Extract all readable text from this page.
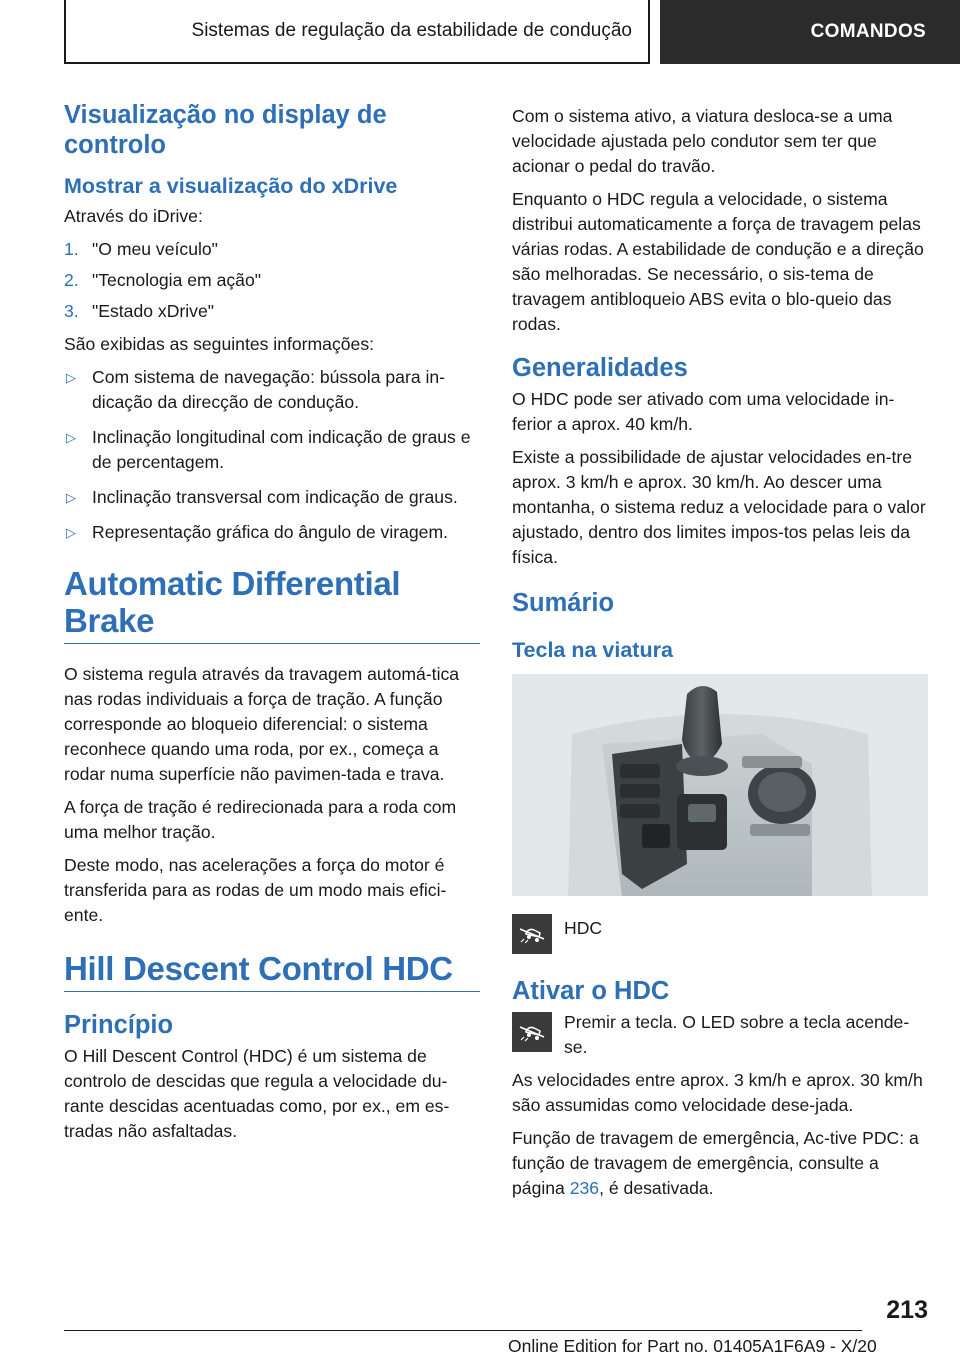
Sistemas de regulação da estabilidade de condução	COMANDOS
Visualização no display de controlo
Mostrar a visualização do xDrive

Através do iDrive:

1. "O meu veículo"
2. "Tecnologia em ação"
3. "Estado xDrive"

São exibidas as seguintes informações:

▷ Com sistema de navegação: bússola para in‐dicação da direcção de condução.
▷ Inclinação longitudinal com indicação de graus e de percentagem.
▷ Inclinação transversal com indicação de graus.
▷ Representação gráfica do ângulo de viragem.
Automatic Differential Brake

O sistema regula através da travagem automá‐tica nas rodas individuais a força de tração. A função corresponde ao bloqueio diferencial: o sistema reconhece quando uma roda, por ex., começa a rodar numa superfície não pavimen‐tada e trava.

A força de tração é redirecionada para a roda com uma melhor tração.

Deste modo, nas acelerações a força do motor é transferida para as rodas de um modo mais efici‐ente.

Hill Descent Control HDC
Princípio

O Hill Descent Control (HDC) é um sistema de controlo de descidas que regula a velocidade du‐rante descidas acentuadas como, por ex., em es‐tradas não asfaltadas.

Com o sistema ativo, a viatura desloca-se a uma velocidade ajustada pelo condutor sem ter que acionar o pedal do travão.

Enquanto o HDC regula a velocidade, o sistema distribui automaticamente a força de travagem pelas várias rodas. A estabilidade de condução e a direção são melhoradas. Se necessário, o sis‐tema de travagem antibloqueio ABS evita o blo‐queio das rodas.

Generalidades

O HDC pode ser ativado com uma velocidade in‐ferior a aprox. 40 km/h.

Existe a possibilidade de ajustar velocidades en‐tre aprox. 3 km/h e aprox. 30 km/h. Ao descer uma montanha, o sistema reduz a velocidade para o valor ajustado, dentro dos limites impos‐tos pelas leis da física.

Sumário
Tecla na viatura

HDC

Ativar o HDC

Premir a tecla. O LED sobre a tecla acende-se.

As velocidades entre aprox. 3 km/h e aprox. 30 km/h são assumidas como velocidade dese‐jada.

Função de travagem de emergência, Ac‐tive PDC: a função de travagem de emergência, consulte a página 236, é desativada.

213
Online Edition for Part no. 01405A1F6A9 - X/20
